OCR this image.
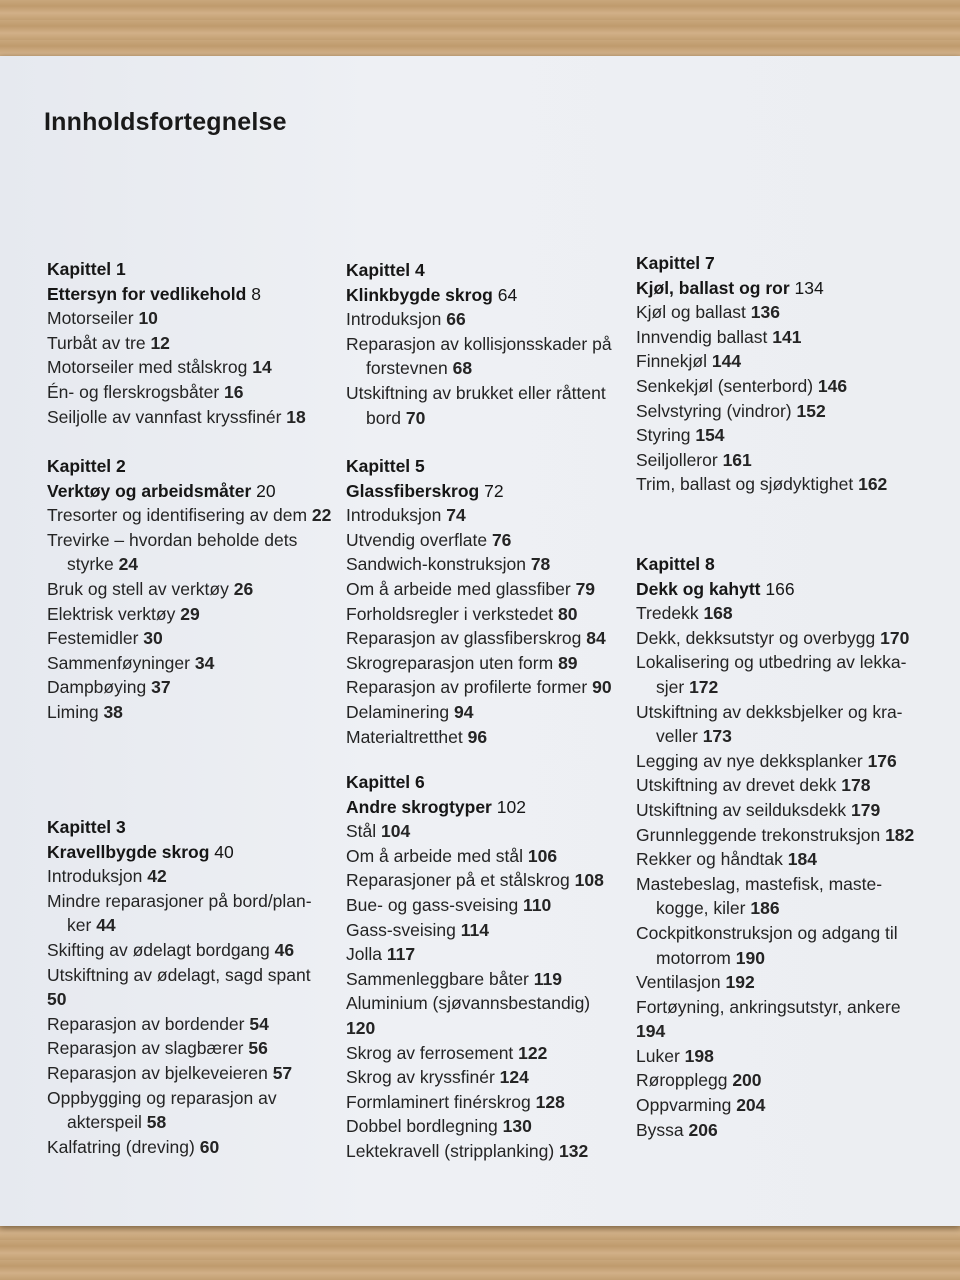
Innholdsfortegnelse
Kapittel 1
Ettersyn for vedlikehold 8
Motorseiler 10
Turbåt av tre 12
Motorseiler med stålskrog 14
Én- og flerskrogsbåter 16
Seiljolle av vannfast kryssfinér 18
Kapittel 2
Verktøy og arbeidsmåter 20
Tresorter og identifisering av dem 22
Trevirke – hvordan beholde dets
styrke 24
Bruk og stell av verktøy 26
Elektrisk verktøy 29
Festemidler 30
Sammenføyninger 34
Dampbøying 37
Liming 38
Kapittel 3
Kravellbygde skrog 40
Introduksjon 42
Mindre reparasjoner på bord/plan-
ker 44
Skifting av ødelagt bordgang 46
Utskiftning av ødelagt, sagd spant 50
Reparasjon av bordender 54
Reparasjon av slagbærer 56
Reparasjon av bjelkeveieren 57
Oppbygging og reparasjon av
akterspeil 58
Kalfatring (dreving) 60
Kapittel 4
Klinkbygde skrog 64
Introduksjon 66
Reparasjon av kollisjonsskader på
forstevnen 68
Utskiftning av brukket eller råttent
bord 70
Kapittel 5
Glassfiberskrog 72
Introduksjon 74
Utvendig overflate 76
Sandwich-konstruksjon 78
Om å arbeide med glassfiber 79
Forholdsregler i verkstedet 80
Reparasjon av glassfiberskrog 84
Skrogreparasjon uten form 89
Reparasjon av profilerte former 90
Delaminering 94
Materialtretthet 96
Kapittel 6
Andre skrogtyper 102
Stål 104
Om å arbeide med stål 106
Reparasjoner på et stålskrog 108
Bue- og gass-sveising 110
Gass-sveising 114
Jolla 117
Sammenleggbare båter 119
Aluminium (sjøvannsbestandig) 120
Skrog av ferrosement 122
Skrog av kryssfinér 124
Formlaminert finérskrog 128
Dobbel bordlegning 130
Lektekravell (stripplanking) 132
Kapittel 7
Kjøl, ballast og ror 134
Kjøl og ballast 136
Innvendig ballast 141
Finnekjøl 144
Senkekjøl (senterbord) 146
Selvstyring (vindror) 152
Styring 154
Seiljolleror 161
Trim, ballast og sjødyktighet 162
Kapittel 8
Dekk og kahytt 166
Tredekk 168
Dekk, dekksutstyr og overbygg 170
Lokalisering og utbedring av lekka-
sjer 172
Utskiftning av dekksbjelker og kra-
veller 173
Legging av nye dekksplanker 176
Utskiftning av drevet dekk 178
Utskiftning av seilduksdekk 179
Grunnleggende trekonstruksjon 182
Rekker og håndtak 184
Mastebeslag, mastefisk, maste-
kogge, kiler 186
Cockpitkonstruksjon og adgang til
motorrom 190
Ventilasjon 192
Fortøyning, ankringsutstyr, ankere 194
Luker 198
Røropplegg 200
Oppvarming 204
Byssa 206
